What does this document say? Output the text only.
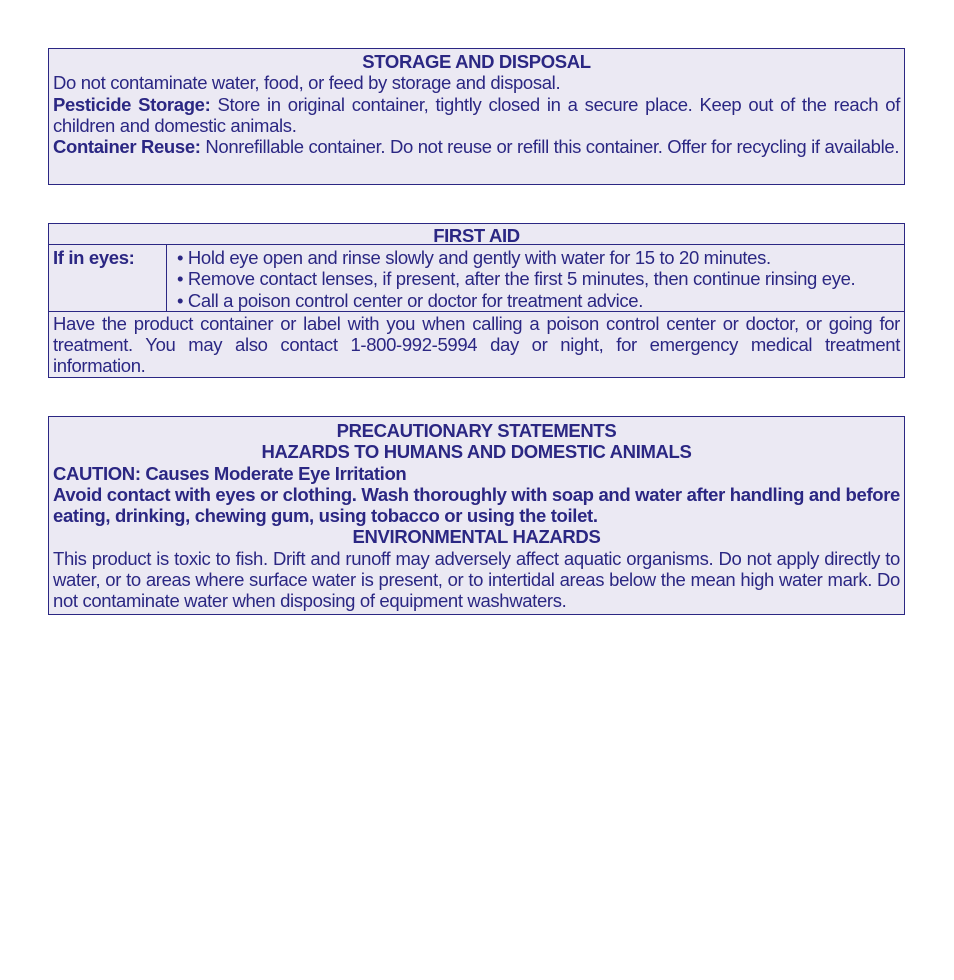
STORAGE AND DISPOSAL

Do not contaminate water, food, or feed by storage and disposal.

Pesticide Storage: Store in original container, tightly closed in a secure place. Keep out of the reach of children and domestic animals.

Container Reuse: Nonrefillable container. Do not reuse or refill this container. Offer for recycling if available.

FIRST AID
If in eyes:	• Hold eye open and rinse slowly and gently with water for 15 to 20 minutes.
• Remove contact lenses, if present, after the first 5 minutes, then continue rinsing eye.
• Call a poison control center or doctor for treatment advice.

Have the product container or label with you when calling a poison control center or doctor, or going for treatment. You may also contact 1-800-992-5994 day or night, for emergency medical treatment information.

PRECAUTIONARY STATEMENTS

HAZARDS TO HUMANS AND DOMESTIC ANIMALS

CAUTION: Causes Moderate Eye Irritation

Avoid contact with eyes or clothing. Wash thoroughly with soap and water after handling and before eating, drinking, chewing gum, using tobacco or using the toilet.

ENVIRONMENTAL HAZARDS

This product is toxic to fish. Drift and runoff may adversely affect aquatic organisms. Do not apply directly to water, or to areas where surface water is present, or to intertidal areas below the mean high water mark. Do not contaminate water when disposing of equipment washwaters.
